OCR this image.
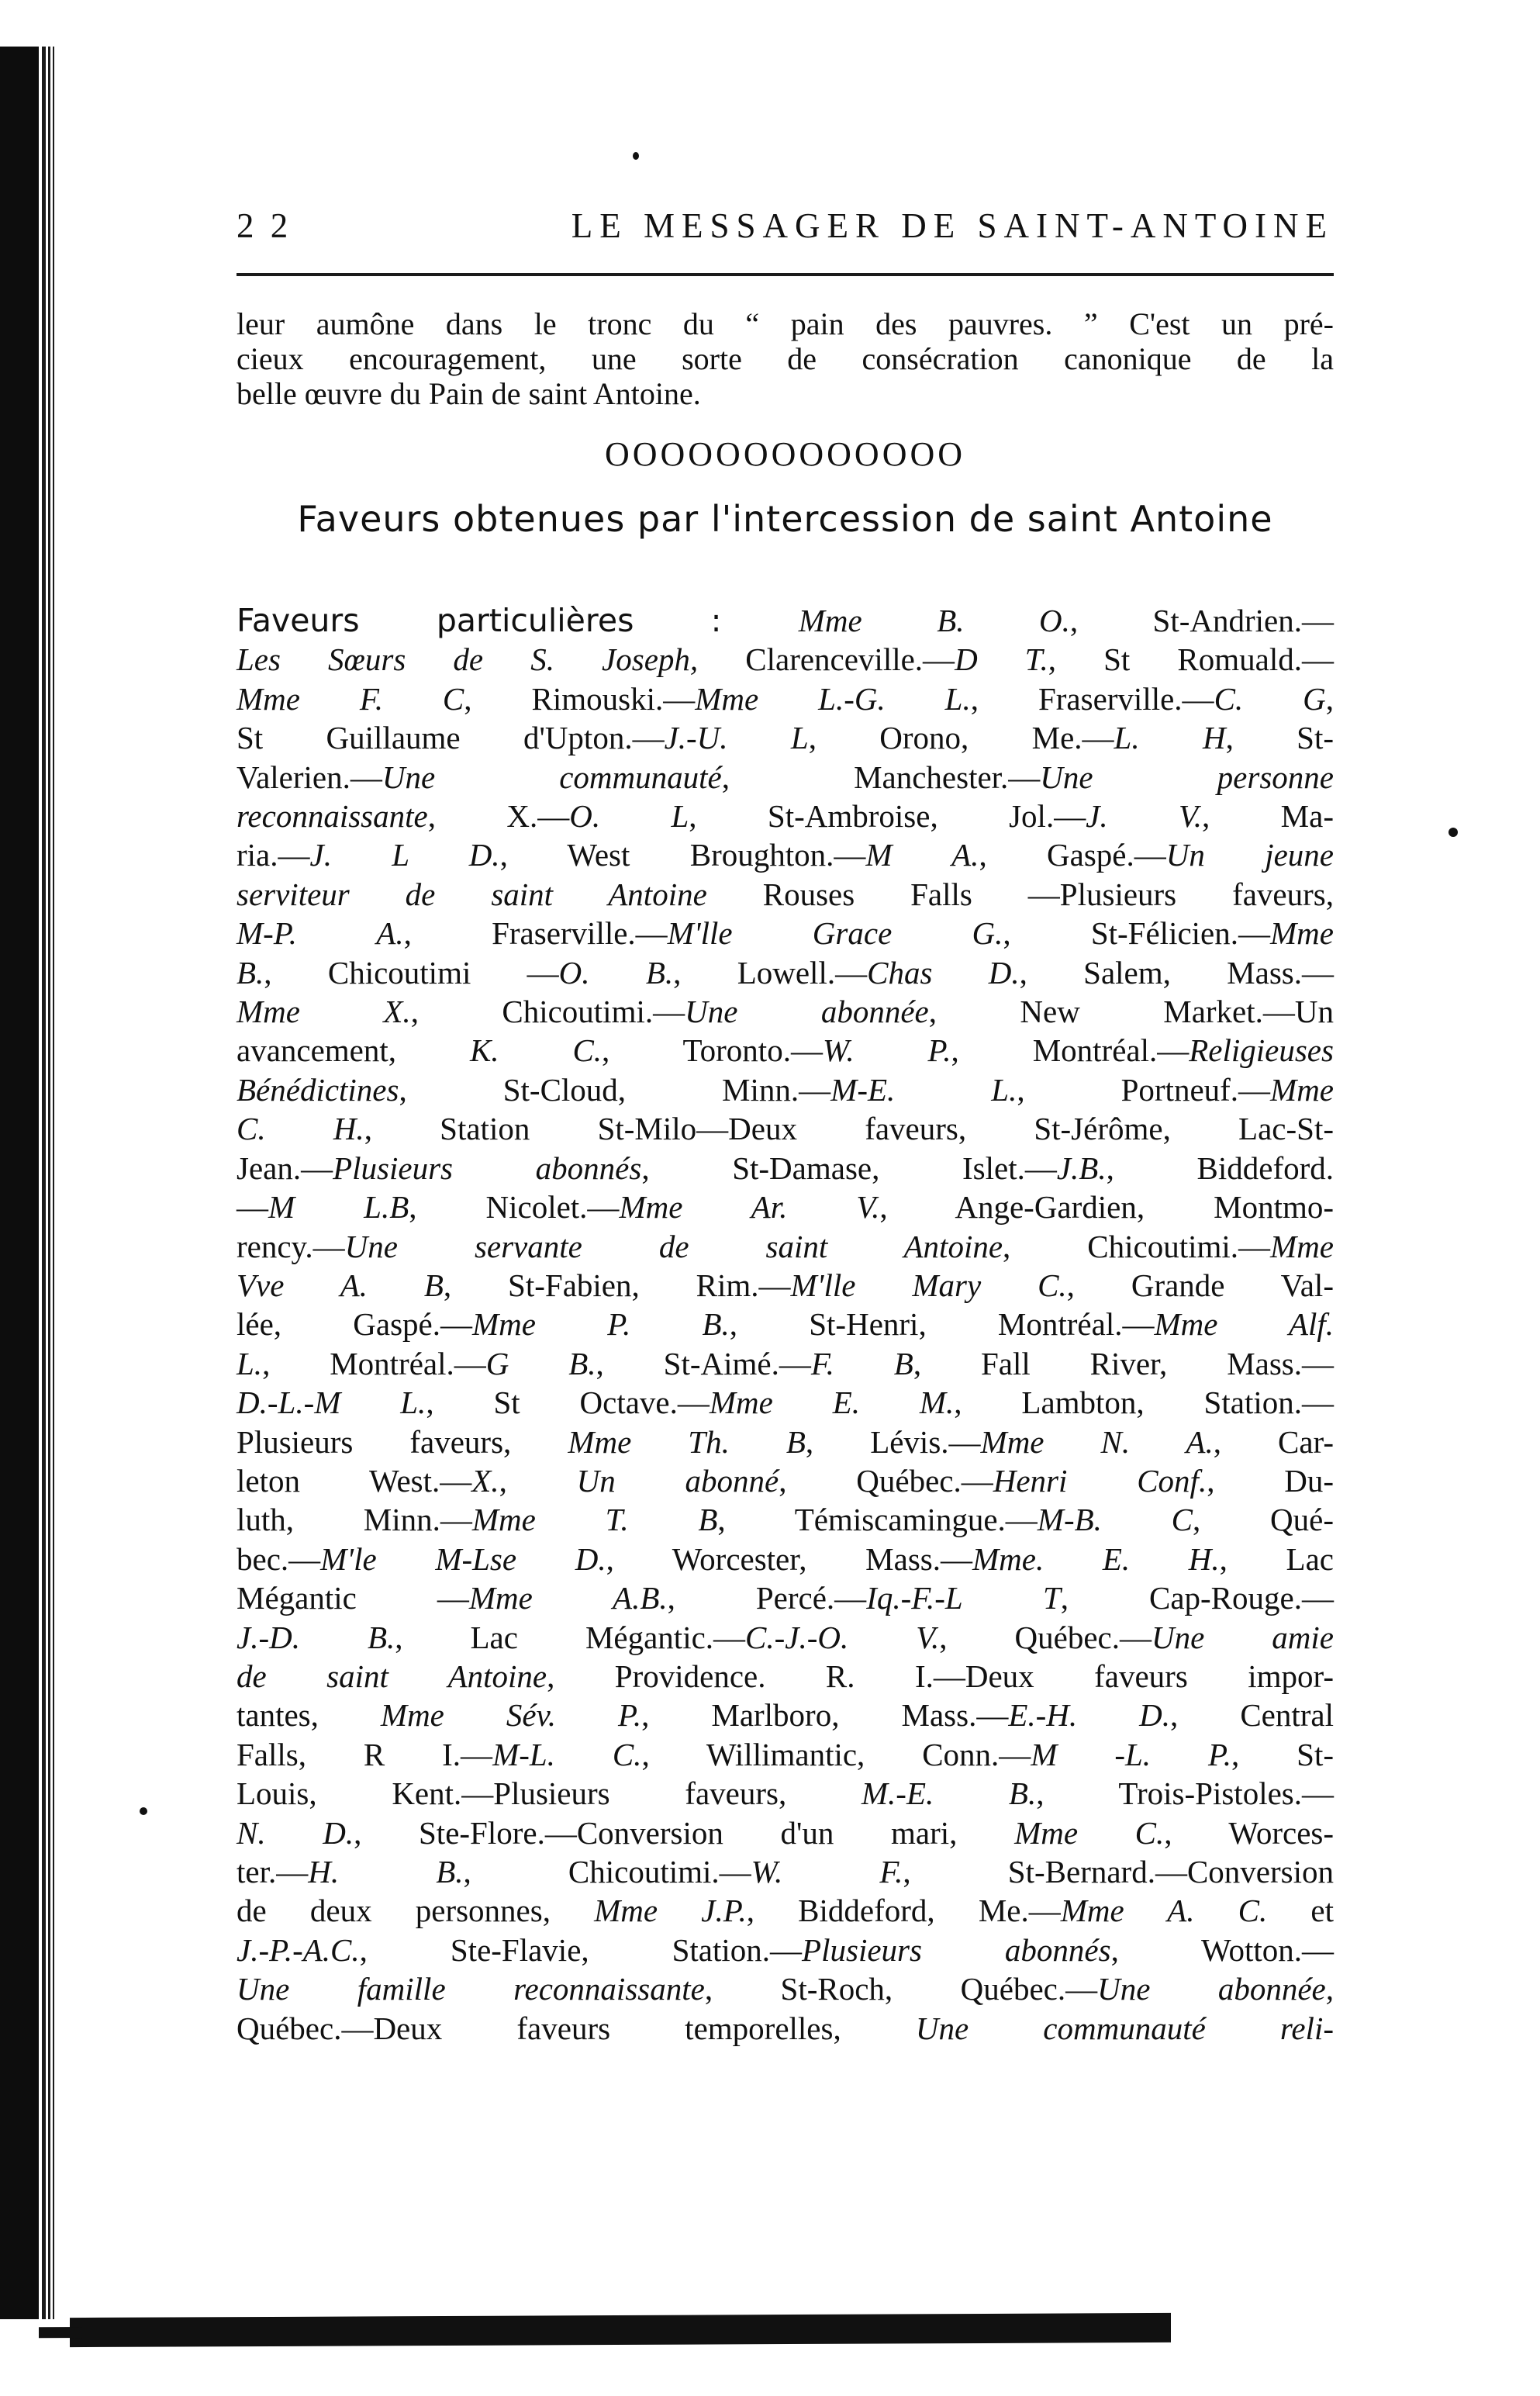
2 2	LE MESSAGER DE SAINT-ANTOINE
leur aumône dans le tronc du “ pain des pauvres. ” C'est un pré-
cieux encouragement, une sorte de consécration canonique de la
belle œuvre du Pain de saint Antoine.
OOOOOOOOOOOOO
Faveurs obtenues par l'intercession de saint Antoine
Faveurs particulières : Mme B. O., St-Andrien.—
Les Sœurs de S. Joseph, Clarenceville.—D T., St Romuald.—
Mme F. C, Rimouski.—Mme L.-G. L., Fraserville.—C. G,
St Guillaume d'Upton.—J.-U. L, Orono, Me.—L. H, St-
Valerien.—Une communauté, Manchester.—Une personne
reconnaissante, X.—O. L, St-Ambroise, Jol.—J. V., Ma-
ria.—J. L D., West Broughton.—M A., Gaspé.—Un jeune
serviteur de saint Antoine Rouses Falls —Plusieurs faveurs,
M-P. A., Fraserville.—M'lle Grace G., St-Félicien.—Mme
B., Chicoutimi —O. B., Lowell.—Chas D., Salem, Mass.—
Mme X., Chicoutimi.—Une abonnée, New Market.—Un
avancement, K. C., Toronto.—W. P., Montréal.—Religieuses
Bénédictines, St-Cloud, Minn.—M-E. L., Portneuf.—Mme
C. H., Station St-Milo—Deux faveurs, St-Jérôme, Lac-St-
Jean.—Plusieurs abonnés, St-Damase, Islet.—J.B., Biddeford.
—M L.B, Nicolet.—Mme Ar. V., Ange-Gardien, Montmo-
rency.—Une servante de saint Antoine, Chicoutimi.—Mme
Vve A. B, St-Fabien, Rim.—M'lle Mary C., Grande Val-
lée, Gaspé.—Mme P. B., St-Henri, Montréal.—Mme Alf.
L., Montréal.—G B., St-Aimé.—F. B, Fall River, Mass.—
D.-L.-M L., St Octave.—Mme E. M., Lambton, Station.—
Plusieurs faveurs, Mme Th. B, Lévis.—Mme N. A., Car-
leton West.—X., Un abonné, Québec.—Henri Conf., Du-
luth, Minn.—Mme T. B, Témiscamingue.—M-B. C, Qué-
bec.—M'le M-Lse D., Worcester, Mass.—Mme. E. H., Lac
Mégantic —Mme A.B., Percé.—Iq.-F.-L T, Cap-Rouge.—
J.-D. B., Lac Mégantic.—C.-J.-O. V., Québec.—Une amie
de saint Antoine, Providence. R. I.—Deux faveurs impor-
tantes, Mme Sév. P., Marlboro, Mass.—E.-H. D., Central
Falls, R I.—M-L. C., Willimantic, Conn.—M -L. P., St-
Louis, Kent.—Plusieurs faveurs, M.-E. B., Trois-Pistoles.—
N. D., Ste-Flore.—Conversion d'un mari, Mme C., Worces-
ter.—H. B., Chicoutimi.—W. F., St-Bernard.—Conversion
de deux personnes, Mme J.P., Biddeford, Me.—Mme A. C. et
J.-P.-A.C., Ste-Flavie, Station.—Plusieurs abonnés, Wotton.—
Une famille reconnaissante, St-Roch, Québec.—Une abonnée,
Québec.—Deux faveurs temporelles, Une communauté reli-
